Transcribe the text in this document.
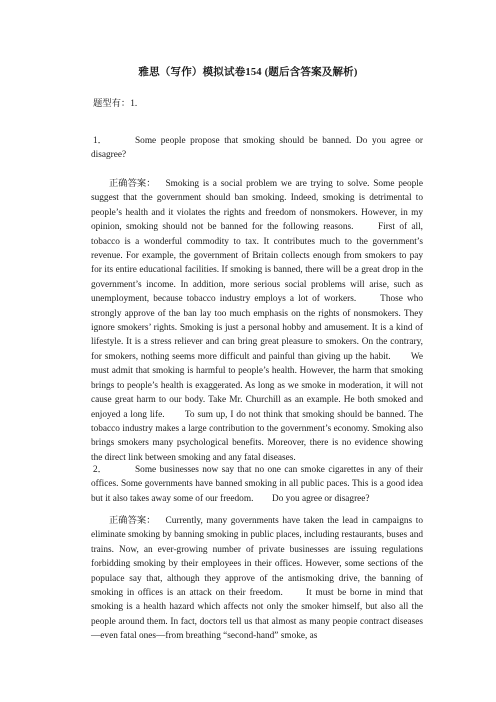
雅思（写作）模拟试卷154 (题后含答案及解析)
题型有：1.
1．	Some people propose that smoking should be banned. Do you agree or disagree?
正确答案： Smoking is a social problem we are trying to solve. Some people suggest that the government should ban smoking. Indeed, smoking is detrimental to people’s health and it violates the rights and freedom of nonsmokers. However, in my opinion, smoking should not be banned for the following reasons.　　First of all, tobacco is a wonderful commodity to tax. It contributes much to the government’s revenue. For example, the government of Britain collects enough from smokers to pay for its entire educational facilities. If smoking is banned, there will be a great drop in the government’s income. In addition, more serious social problems will arise, such as unemployment, because tobacco industry employs a lot of workers.　　Those who strongly approve of the ban lay too much emphasis on the rights of nonsmokers. They ignore smokers’ rights. Smoking is just a personal hobby and amusement. It is a kind of lifestyle. It is a stress reliever and can bring great pleasure to smokers. On the contrary, for smokers, nothing seems more difficult and painful than giving up the habit.　　We must admit that smoking is harmful to people’s health. However, the harm that smoking brings to people’s health is exaggerated. As long as we smoke in moderation, it will not cause great harm to our body. Take Mr. Churchill as an example. He both smoked and enjoyed a long life.　　To sum up, I do not think that smoking should be banned. The tobacco industry makes a large contribution to the government’s economy. Smoking also brings smokers many psychological benefits. Moreover, there is no evidence showing the direct link between smoking and any fatal diseases.
2．	Some businesses now say that no one can smoke cigarettes in any of their offices. Some governments have banned smoking in all public paces. This is a good idea but it also takes away some of our freedom.　　Do you agree or disagree?
正确答案： Currently, many governments have taken the lead in campaigns to eliminate smoking by banning smoking in public places, including restaurants, buses and trains. Now, an ever-growing number of private businesses are issuing regulations forbidding smoking by their employees in their offices. However, some sections of the populace say that, although they approve of the antismoking drive, the banning of smoking in offices is an attack on their freedom.　　It must be borne in mind that smoking is a health hazard which affects not only the smoker himself, but also all the people around them. In fact, doctors tell us that almost as many peopie contract diseases—even fatal ones—from breathing “second-hand” smoke, as
